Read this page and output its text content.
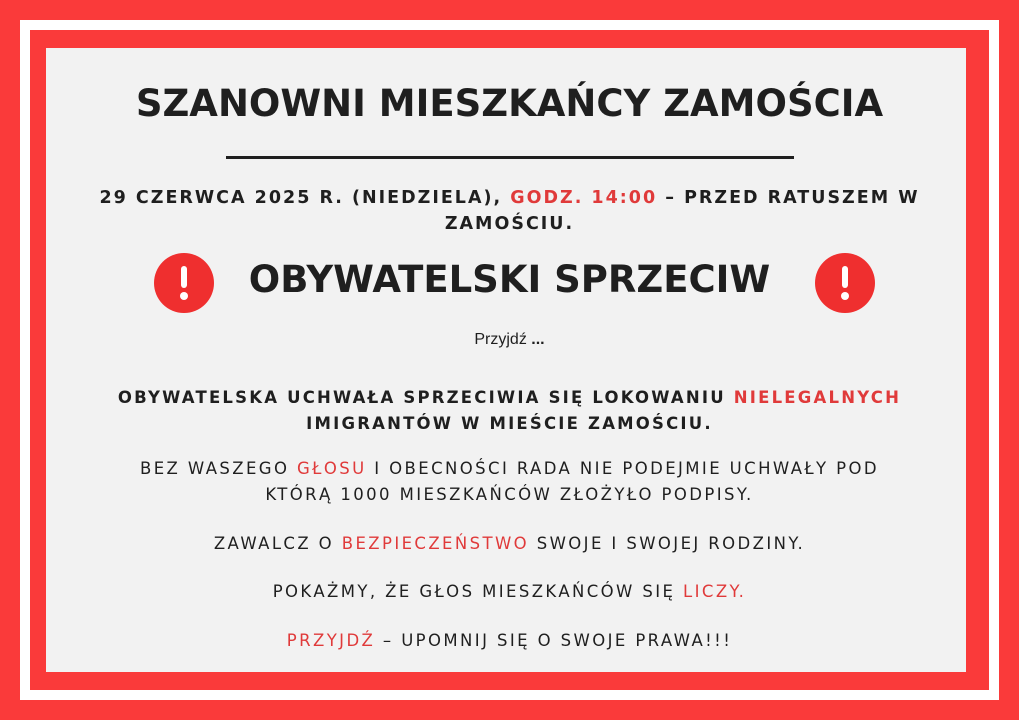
SZANOWNI MIESZKAŃCY ZAMOŚCIA
29 CZERWCA 2025 R. (NIEDZIELA), GODZ. 14:00 – PRZED RATUSZEM W
ZAMOŚCIU.
OBYWATELSKI SPRZECIW
Przyjdź ...
OBYWATELSKA UCHWAŁA SPRZECIWIA SIĘ LOKOWANIU NIELEGALNYCH
IMIGRANTÓW W MIEŚCIE ZAMOŚCIU.
BEZ WASZEGO GŁOSU I OBECNOŚCI RADA NIE PODEJMIE UCHWAŁY POD
KTÓRĄ 1000 MIESZKAŃCÓW ZŁOŻYŁO PODPISY.
ZAWALCZ O BEZPIECZEŃSTWO SWOJE I SWOJEJ RODZINY.
POKAŻMY, ŻE GŁOS MIESZKAŃCÓW SIĘ LICZY.
PRZYJDŹ – UPOMNIJ SIĘ O SWOJE PRAWA!!!
